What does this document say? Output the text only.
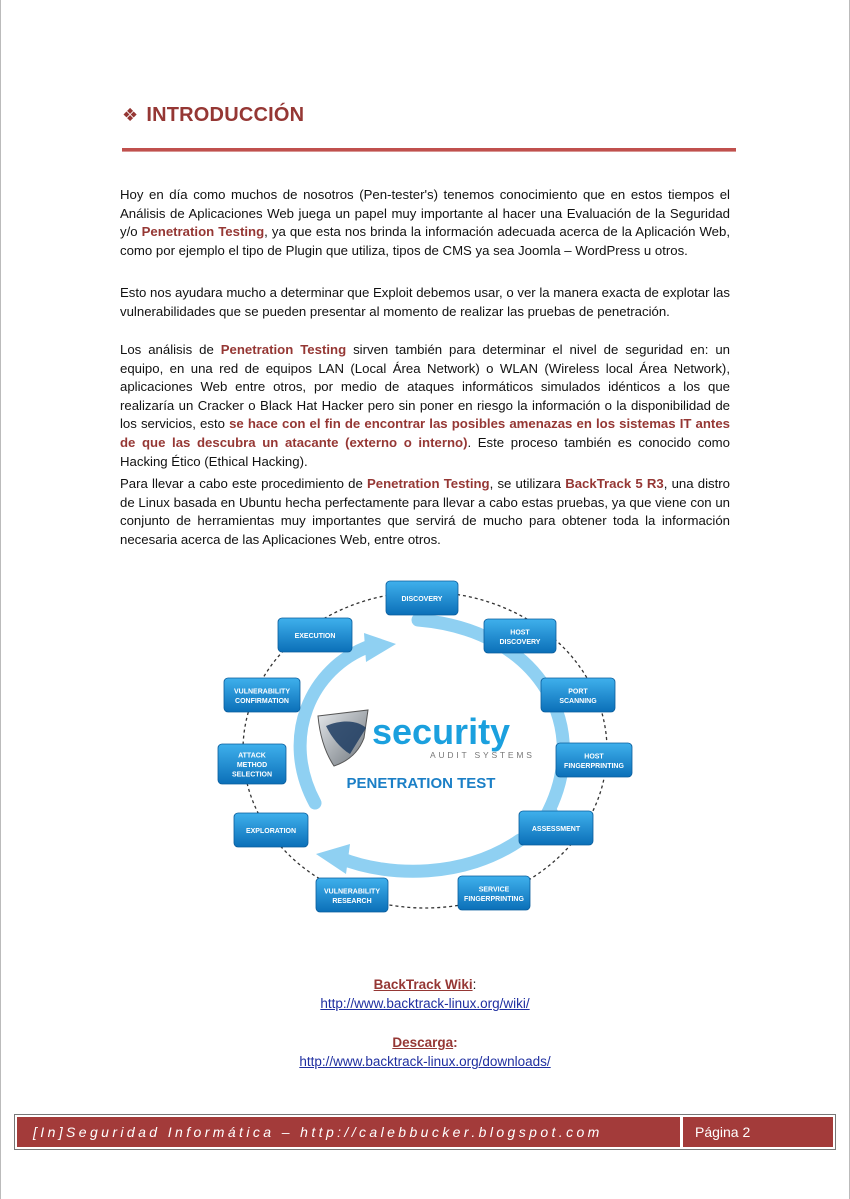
❖ INTRODUCCIÓN

Hoy en día como muchos de nosotros (Pen-tester's) tenemos conocimiento que en estos tiempos el Análisis de Aplicaciones Web juega un papel muy importante al hacer una Evaluación de la Seguridad y/o Penetration Testing, ya que esta nos brinda la información adecuada acerca de la Aplicación Web, como por ejemplo el tipo de Plugin que utiliza, tipos de CMS ya sea Joomla – WordPress u otros.

Esto nos ayudara mucho a determinar que Exploit debemos usar, o ver la manera exacta de explotar las vulnerabilidades que se pueden presentar al momento de realizar las pruebas de penetración.

Los análisis de Penetration Testing sirven también para determinar el nivel de seguridad en: un equipo, en una red de equipos LAN (Local Área Network) o WLAN (Wireless local Área Network), aplicaciones Web entre otros, por medio de ataques informáticos simulados idénticos a los que realizaría un Cracker o Black Hat Hacker pero sin poner en riesgo la información o la disponibilidad de los servicios, esto se hace con el fin de encontrar las posibles amenazas en los sistemas IT antes de que las descubra un atacante (externo o interno). Este proceso también es conocido como Hacking Ético (Ethical Hacking).

Para llevar a cabo este procedimiento de Penetration Testing, se utilizara BackTrack 5 R3, una distro de Linux basada en Ubuntu hecha perfectamente para llevar a cabo estas pruebas, ya que viene con un conjunto de herramientas muy importantes que servirá de mucho para obtener toda la información necesaria acerca de las Aplicaciones Web, entre otros.

security
AUDIT SYSTEMS
PENETRATION TEST
DISCOVERY
HOST
DISCOVERY
PORT
SCANNING
HOST
FINGERPRINTING
ASSESSMENT
SERVICE
FINGERPRINTING
VULNERABILITY
RESEARCH
EXPLORATION
ATTACK
METHOD
SELECTION
VULNERABILITY
CONFIRMATION
EXECUTION
BackTrack Wiki:
http://www.backtrack-linux.org/wiki/
Descarga:
http://www.backtrack-linux.org/downloads/
[In]Seguridad Informática – http://calebbucker.blogspot.com	Página 2
